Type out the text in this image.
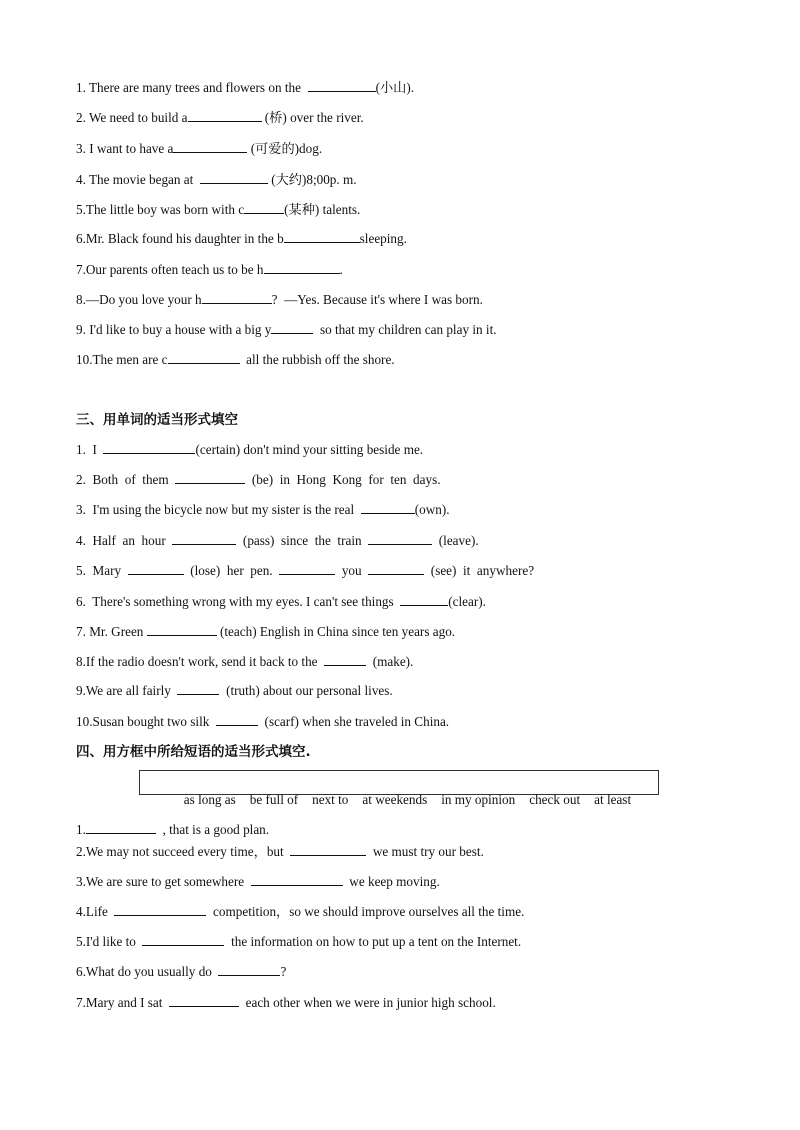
1. There are many trees and flowers on the	(小山).
2. We need to build a	(桥) over the river.
3. I want to have a	(可爱的)dog.
4. The movie began at	(大约)8;00p. m.
5.The little boy was born with c	(某种) talents.
6.Mr. Black found his daughter in the b	sleeping.
7.Our parents often teach us to be h	.
8.—Do you love your h	?  —Yes. Because it's where I was born.
9. I'd like to buy a house with a big y	so that my children can play in it.
10.The men are c	all the rubbish off the shore.
三、用单词的适当形式填空
1.  I	(certain) don't mind your sitting beside me.
2.  Both  of  them	(be)  in  Hong  Kong  for  ten  days.
3.  I'm using the bicycle now but my sister is the real	(own).
4.  Half  an  hour	(pass)  since  the  train	(leave).
5.  Mary	(lose)  her  pen.	you	(see)  it  anywhere?
6.  There's something wrong with my eyes. I can't see things	(clear).
7. Mr. Green	(teach) English in China since ten years ago.
8.If the radio doesn't work, send it back to the	(make).
9.We are all fairly	(truth) about our personal lives.
10.Susan bought two silk	(scarf) when she traveled in China.
四、用方框中所给短语的适当形式填空.

as long as be full of next to at weekends in my opinion check out at least

1.	, that is a good plan.
2.We may not succeed every time，but	we must try our best.
3.We are sure to get somewhere	we keep moving.
4.Life	competition，so we should improve ourselves all the time.
5.I'd like to	the information on how to put up a tent on the Internet.
6.What do you usually do	?
7.Mary and I sat	each other when we were in junior high school.
